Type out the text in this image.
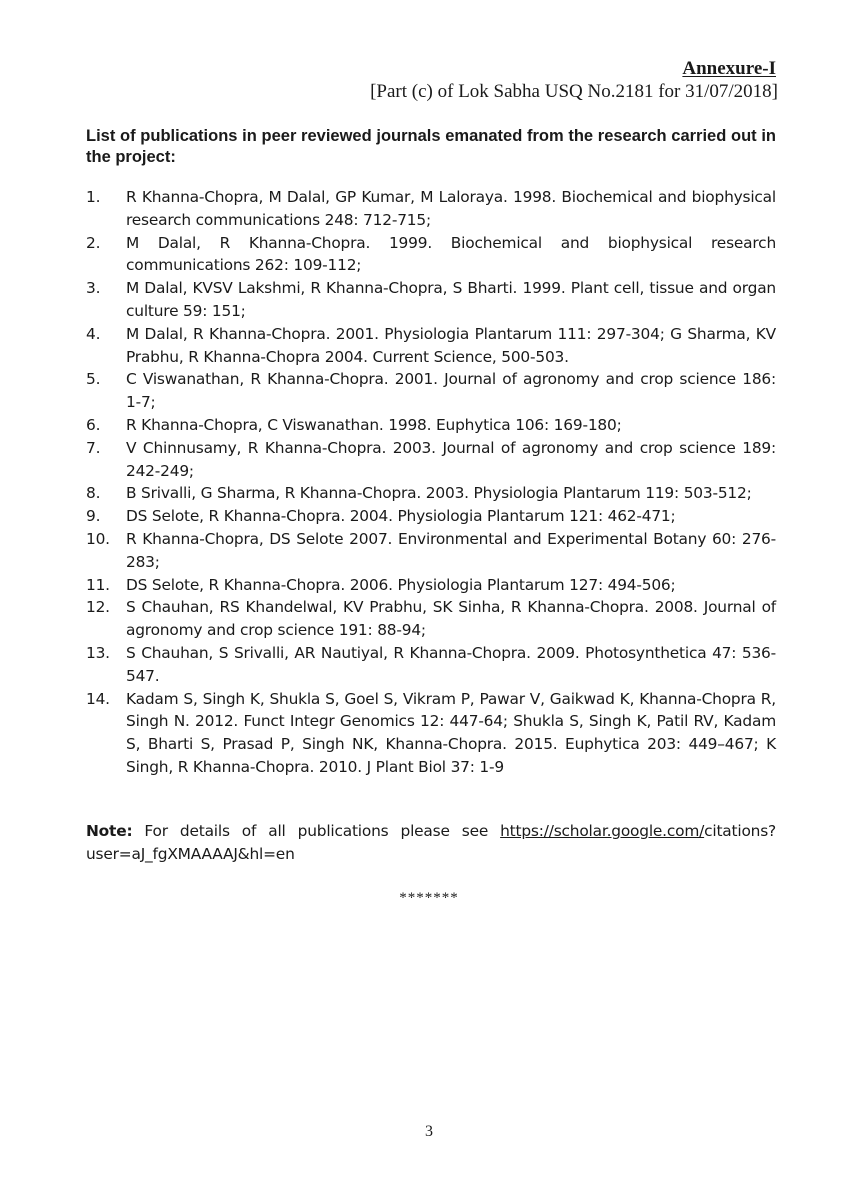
Annexure-I

[Part (c) of Lok Sabha USQ No.2181 for 31/07/2018]

List of publications in peer reviewed journals emanated from the research carried out in the project:

1.	R Khanna-Chopra, M Dalal, GP Kumar, M Laloraya. 1998. Biochemical and biophysical research communications 248: 712-715;
2.	M Dalal, R Khanna-Chopra. 1999. Biochemical and biophysical research communications 262: 109-112;
3.	M Dalal, KVSV Lakshmi, R Khanna-Chopra, S Bharti. 1999. Plant cell, tissue and organ culture 59: 151;
4.	M Dalal, R Khanna-Chopra. 2001. Physiologia Plantarum 111: 297-304; G Sharma, KV Prabhu, R Khanna-Chopra 2004. Current Science, 500-503.
5.	C Viswanathan, R Khanna-Chopra. 2001. Journal of agronomy and crop science 186: 1-7;
6.	R Khanna-Chopra, C Viswanathan. 1998. Euphytica 106: 169-180;
7.	V Chinnusamy, R Khanna-Chopra. 2003. Journal of agronomy and crop science 189: 242-249;
8.	B Srivalli, G Sharma, R Khanna-Chopra. 2003. Physiologia Plantarum 119: 503-512;
9.	DS Selote, R Khanna-Chopra. 2004. Physiologia Plantarum 121: 462-471;
10.	R Khanna-Chopra, DS Selote 2007. Environmental and Experimental Botany 60: 276-283;
11.	DS Selote, R Khanna-Chopra. 2006. Physiologia Plantarum 127: 494-506;
12.	S Chauhan, RS Khandelwal, KV Prabhu, SK Sinha, R Khanna-Chopra. 2008. Journal of agronomy and crop science 191: 88-94;
13.	S Chauhan, S Srivalli, AR Nautiyal, R Khanna-Chopra. 2009. Photosynthetica 47: 536-547.
14.	Kadam S, Singh K, Shukla S, Goel S, Vikram P, Pawar V, Gaikwad K, Khanna-Chopra R, Singh N. 2012. Funct Integr Genomics 12: 447-64; Shukla S, Singh K, Patil RV, Kadam S, Bharti S, Prasad P, Singh NK, Khanna-Chopra. 2015. Euphytica 203: 449–467; K Singh, R Khanna-Chopra. 2010. J Plant Biol 37: 1-9

Note: For details of all publications please see https://scholar.google.com/citations?user=aJ_fgXMAAAAJ&hl=en

*******
3
